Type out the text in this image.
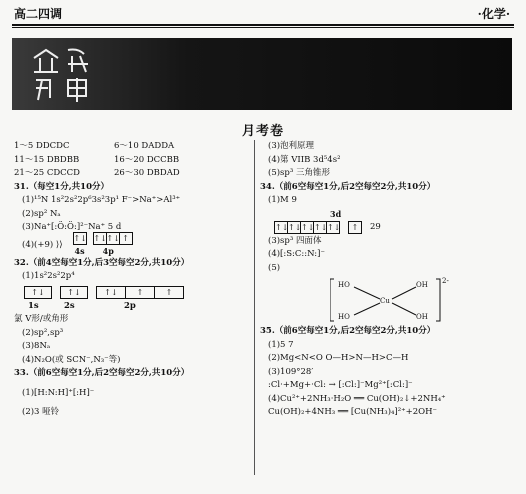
高二四调	·化学·
月考卷
1～5 DDCDC	6～10 DADDA
11～15 DBDBB	16～20 DCCBB
21～25 CDCCD	26～30 DBDAD
31.（每空1分,共10分）
(1)¹⁵N 1s²2s²2p⁶3s²3p¹ F⁻>Na⁺>Al³⁺
(2)sp² Nₐ
(3)Na⁺[:Ö:Ö:]²⁻Na⁺ 5 d
(4)(+9) ⟩⟩
↑↓ ↑↓ ↑↓ ↑
4s 4p
32.（前4空每空1分,后3空每空2分,共10分）
(1)1s²2s²2p⁴
↑↓	↑↓	↑↓	↑	↑
1s	2s	2p
氯 V形/或角形
(2)sp²,sp³
(3)8Nₐ
(4)N₂O(或 SCN⁻,N₃⁻等)
33.（前6空每空1分,后2空每空2分,共10分）
(1)[H:N:H]⁺[:H]⁻
(2)3 哑铃
(3)泡利原理
(4)第 VIIB 3d⁵4s²
(5)sp³ 三角锥形
34.（前6空每空1分,后2空每空2分,共10分）
(1)M 9
3d
↑↓ ↑↓ ↑↓ ↑↓ ↑↓	↑	29
(3)sp³ 四面体
(4)[:S:C::N:]⁻
(5)
HO	OH
Cu
HO	OH
2-
35.（前6空每空1分,后2空每空2分,共10分）
(1)5 7
(2)Mg<N<O O—H>N—H>C—H
(3)109°28′
:Cl·+Mg+·Cl: → [:Cl:]⁻Mg²⁺[:Cl:]⁻
(4)Cu²⁺+2NH₃·H₂O ══ Cu(OH)₂↓+2NH₄⁺
Cu(OH)₂+4NH₃ ══ [Cu(NH₃)₄]²⁺+2OH⁻
